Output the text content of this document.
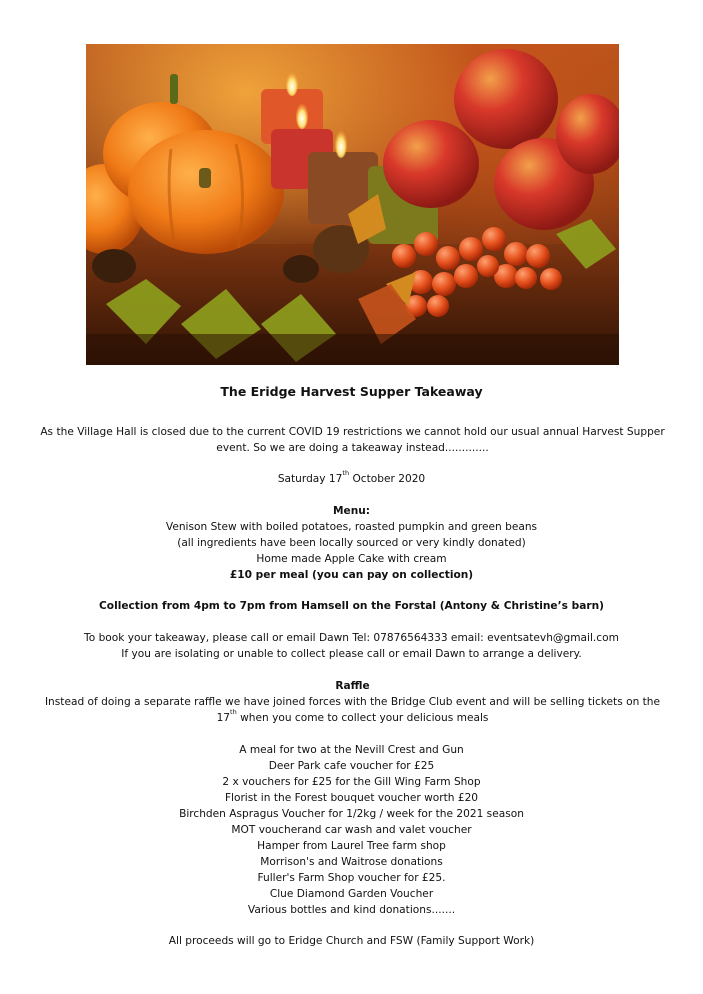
The Eridge Harvest Supper Takeaway
As the Village Hall is closed due to the current COVID 19 restrictions we cannot hold our usual annual Harvest Supper
event. So we are doing a takeaway instead.............
Saturday 17th October 2020
Menu:
Venison Stew with boiled potatoes, roasted pumpkin and green beans
(all ingredients have been locally sourced or very kindly donated)
Home made Apple Cake with cream
£10 per meal (you can pay on collection)
Collection from 4pm to 7pm from Hamsell on the Forstal (Antony & Christine’s barn)
To book your takeaway, please call or email Dawn Tel: 07876564333 email: eventsatevh@gmail.com
If you are isolating or unable to collect please call or email Dawn to arrange a delivery.
Raffle
Instead of doing a separate raffle we have joined forces with the Bridge Club event and will be selling tickets on the
17th when you come to collect your delicious meals
A meal for two at the Nevill Crest and Gun
Deer Park cafe voucher for £25
2 x vouchers for £25 for the Gill Wing Farm Shop
Florist in the Forest bouquet voucher worth £20
Birchden Aspragus Voucher for 1/2kg / week for the 2021 season
MOT voucherand car wash and valet voucher
Hamper from Laurel Tree farm shop
Morrison's and Waitrose donations
Fuller's Farm Shop voucher for £25.
Clue Diamond Garden Voucher
Various bottles and kind donations.......
All proceeds will go to Eridge Church and FSW (Family Support Work)
